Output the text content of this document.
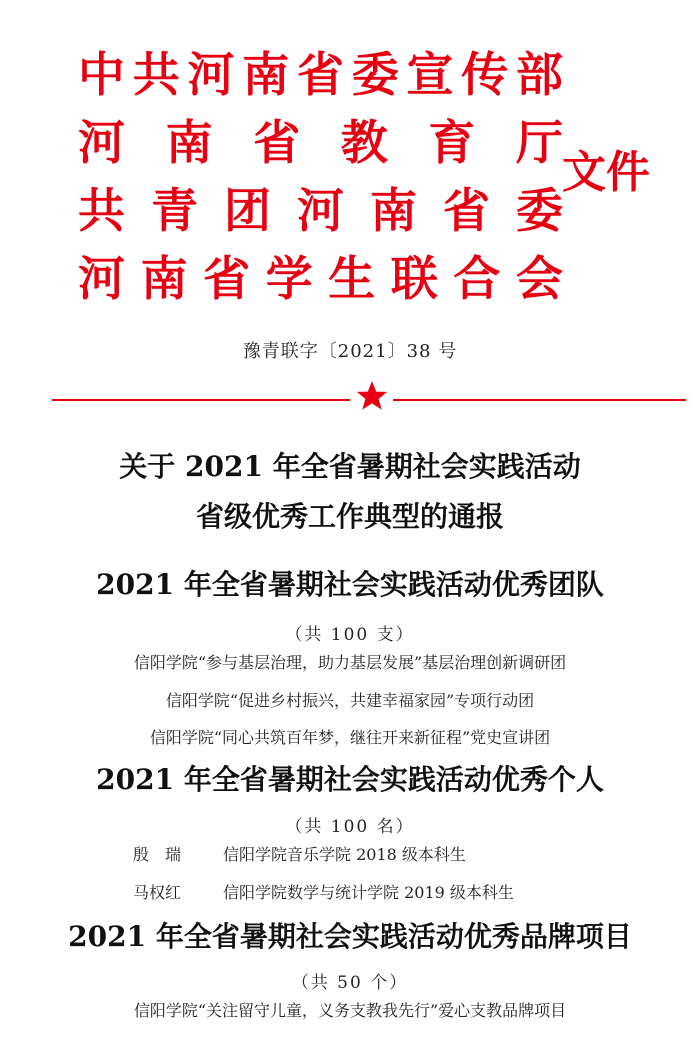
中 共 河 南 省 委 宣 传 部
河 南 省 教 育 厅
共 青 团 河 南 省 委
河 南 省 学 生 联 合 会
文件
豫青联字〔2021〕38 号
关于 2021 年全省暑期社会实践活动
省级优秀工作典型的通报
2021 年全省暑期社会实践活动优秀团队
（共 100 支）
信阳学院“参与基层治理，助力基层发展”基层治理创新调研团
信阳学院“促进乡村振兴，共建幸福家园”专项行动团
信阳学院“同心共筑百年梦，继往开来新征程”党史宣讲团
2021 年全省暑期社会实践活动优秀个人
（共 100 名）
殷　瑞	信阳学院音乐学院 2018 级本科生
马权红	信阳学院数学与统计学院 2019 级本科生
2021 年全省暑期社会实践活动优秀品牌项目
（共 50 个）
信阳学院“关注留守儿童，义务支教我先行”爱心支教品牌项目
